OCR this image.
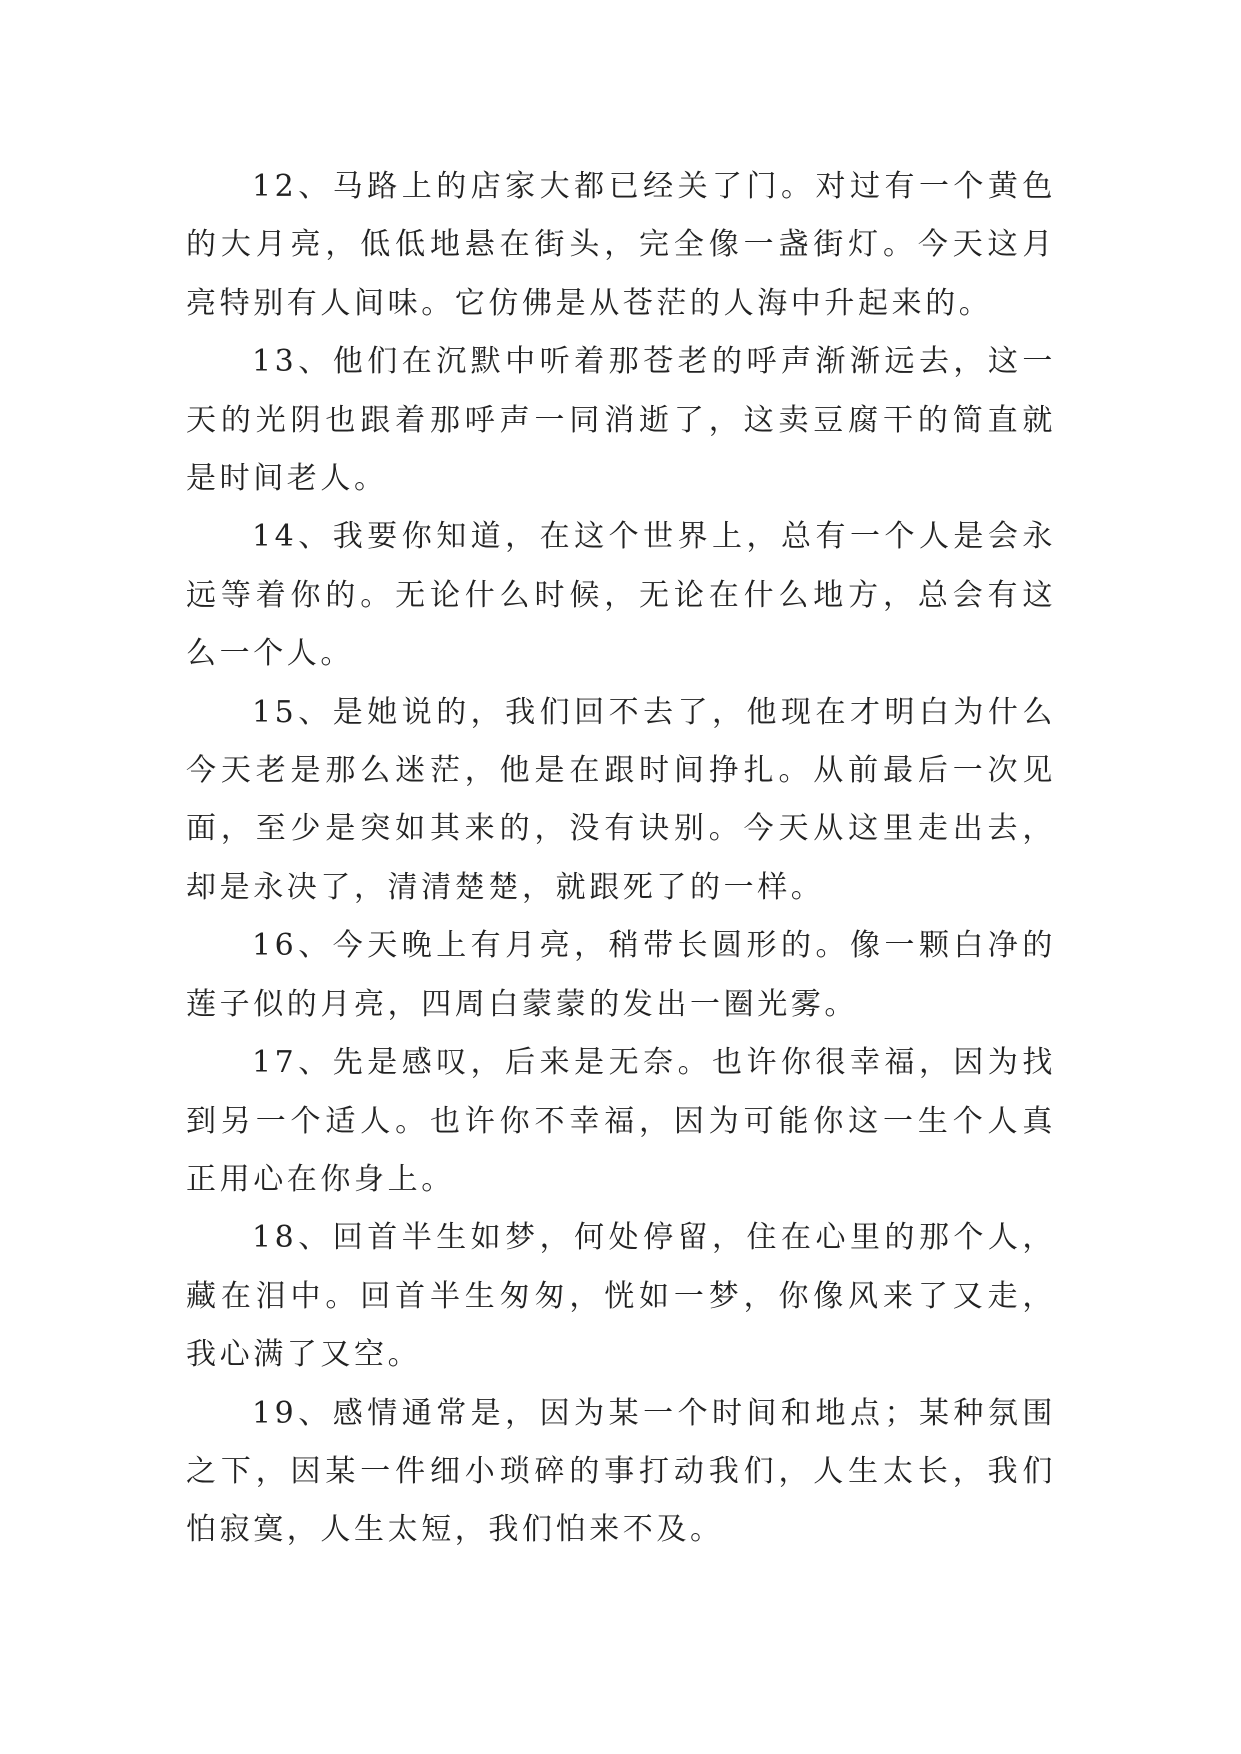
12、马路上的店家大都已经关了门。对过有一个黄色的大月亮，低低地悬在街头，完全像一盏街灯。今天这月亮特别有人间味。它仿佛是从苍茫的人海中升起来的。

13、他们在沉默中听着那苍老的呼声渐渐远去，这一天的光阴也跟着那呼声一同消逝了，这卖豆腐干的简直就是时间老人。

14、我要你知道，在这个世界上，总有一个人是会永远等着你的。无论什么时候，无论在什么地方，总会有这么一个人。

15、是她说的，我们回不去了，他现在才明白为什么今天老是那么迷茫，他是在跟时间挣扎。从前最后一次见面，至少是突如其来的，没有诀别。今天从这里走出去，却是永决了，清清楚楚，就跟死了的一样。

16、今天晚上有月亮，稍带长圆形的。像一颗白净的莲子似的月亮，四周白蒙蒙的发出一圈光雾。

17、先是感叹，后来是无奈。也许你很幸福，因为找到另一个适人。也许你不幸福，因为可能你这一生个人真正用心在你身上。

18、回首半生如梦，何处停留，住在心里的那个人，藏在泪中。回首半生匆匆，恍如一梦，你像风来了又走，我心满了又空。

19、感情通常是，因为某一个时间和地点；某种氛围之下，因某一件细小琐碎的事打动我们，人生太长，我们怕寂寞，人生太短，我们怕来不及。
